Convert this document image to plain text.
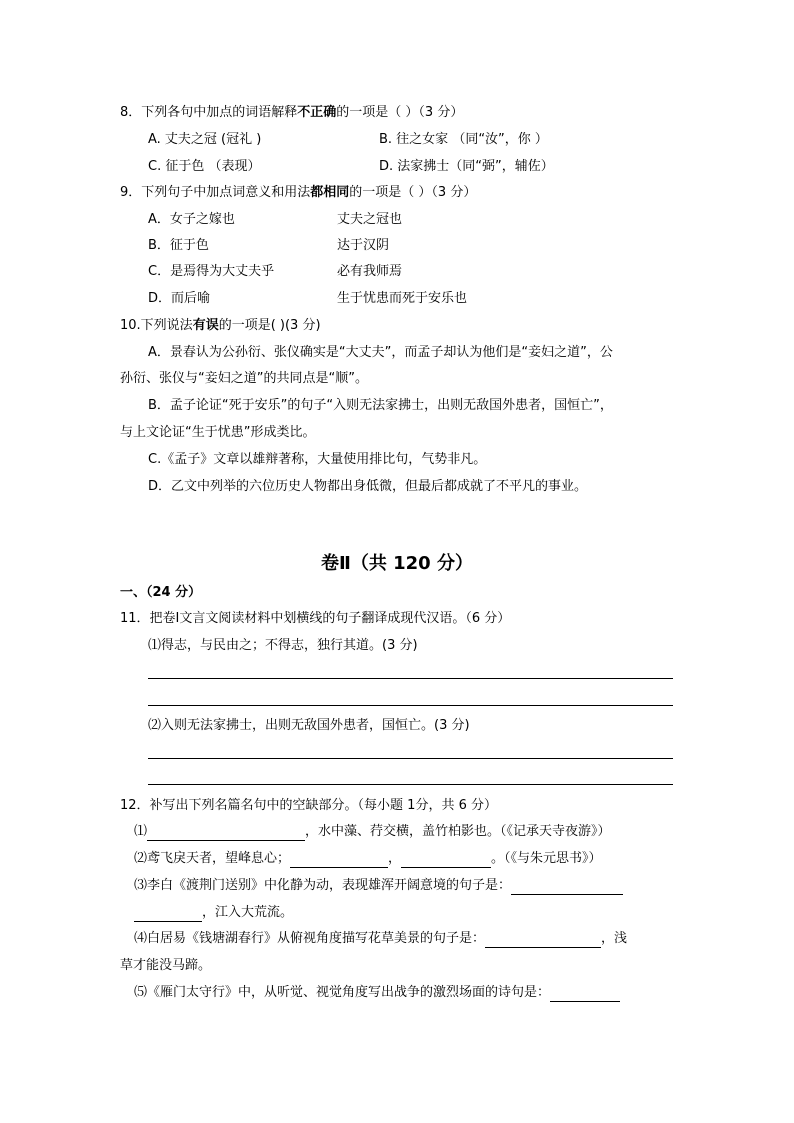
8．下列各句中加点的词语解释不正确的一项是（ ）（3 分）
A. 丈夫之冠 (冠礼 )	B. 往之女家 （同“汝”，你 ）
C. 征于色 （表现）	D. 法家拂士（同“弼”，辅佐）
9．下列句子中加点词意义和用法都相同的一项是（ ）（3 分）
A．女子之嫁也	丈夫之冠也
B．征于色	达于汉阴
C．是焉得为大丈夫乎	必有我师焉
D．而后喻	生于忧患而死于安乐也
10.下列说法有误的一项是( )(3 分)
A．景春认为公孙衍、张仪确实是“大丈夫”，而孟子却认为他们是“妾妇之道”，公
孙衍、张仪与“妾妇之道”的共同点是“顺”。
B．孟子论证“死于安乐”的句子“入则无法家拂士，出则无敌国外患者，国恒亡”，
与上文论证“生于忧患”形成类比。
C.《孟子》文章以雄辩著称，大量使用排比句，气势非凡。
D．乙文中列举的六位历史人物都出身低微，但最后都成就了不平凡的事业。
卷Ⅱ（共 120 分）
一、（24 分）
11．把卷Ⅰ文言文阅读材料中划横线的句子翻译成现代汉语。（6 分）
⑴得志，与民由之；不得志，独行其道。(3 分)
⑵入则无法家拂士，出则无敌国外患者，国恒亡。(3 分)
12．补写出下列名篇名句中的空缺部分。（每小题 1分，共 6 分）
⑴	，水中藻、荇交横，盖竹柏影也。（《记承天寺夜游》）
⑵鸢飞戾天者，望峰息心；	，	。（《与朱元思书》）
⑶李白《渡荆门送别》中化静为动，表现雄浑开阔意境的句子是：
，江入大荒流。
⑷白居易《钱塘湖春行》从俯视角度描写花草美景的句子是：	，浅
草才能没马蹄。
⑸《雁门太守行》中，从听觉、视觉角度写出战争的激烈场面的诗句是：
